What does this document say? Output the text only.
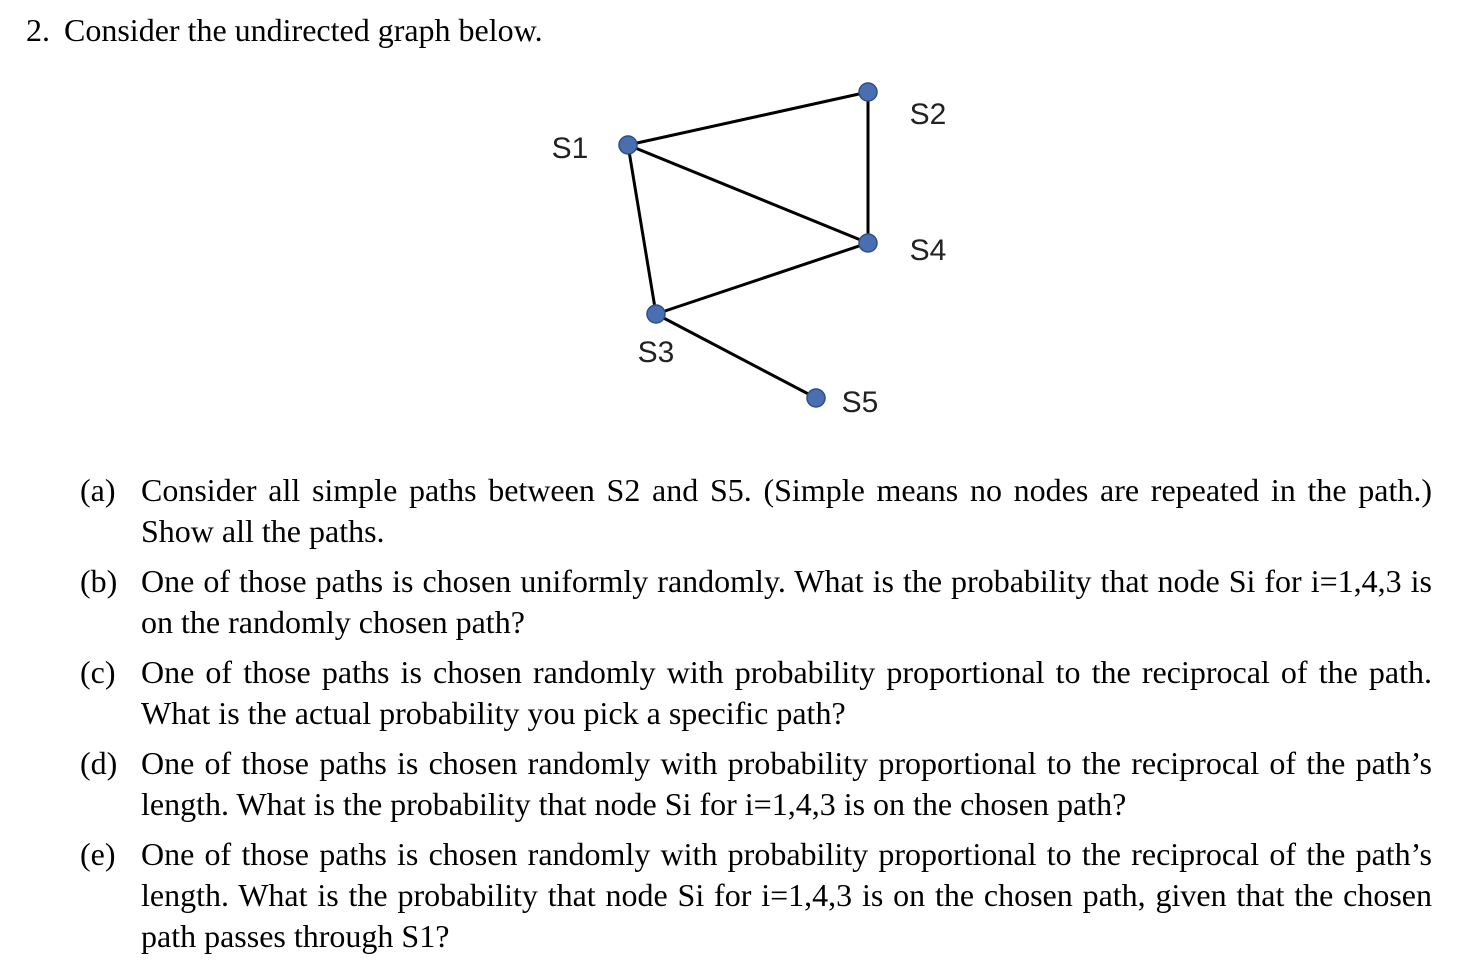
2. Consider the undirected graph below.
S1
S2
S3
S4
S5
(a) Consider all simple paths between S2 and S5. (Simple means no nodes are repeated in the path.) Show all the paths.
(b) One of those paths is chosen uniformly randomly. What is the probability that node Si for i=1,4,3 is on the randomly chosen path?
(c) One of those paths is chosen randomly with probability proportional to the reciprocal of the path. What is the actual probability you pick a specific path?
(d) One of those paths is chosen randomly with probability proportional to the reciprocal of the path’s length. What is the probability that node Si for i=1,4,3 is on the chosen path?
(e) One of those paths is chosen randomly with probability proportional to the reciprocal of the path’s length. What is the probability that node Si for i=1,4,3 is on the chosen path, given that the chosen path passes through S1?
